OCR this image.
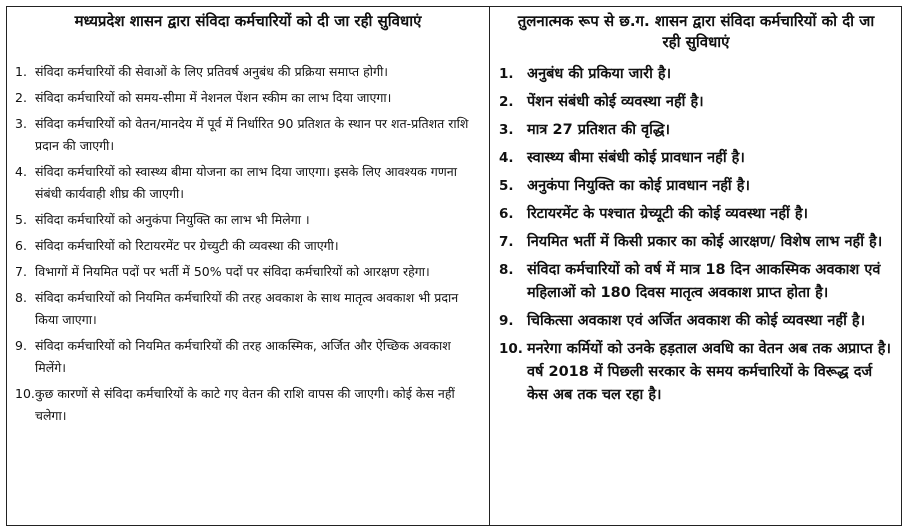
मध्यप्रदेश शासन द्वारा संविदा कर्मचारियों को दी जा रही सुविधाएं
1. संविदा कर्मचारियों की सेवाओं के लिए प्रतिवर्ष अनुबंध की प्रक्रिया समाप्त होगी।
2. संविदा कर्मचारियों को समय-सीमा में नेशनल पेंशन स्कीम का लाभ दिया जाएगा।
3. संविदा कर्मचारियों को वेतन/मानदेय में पूर्व में निर्धारित 90 प्रतिशत के स्थान पर शत-प्रतिशत राशि प्रदान की जाएगी।
4. संविदा कर्मचारियों को स्वास्थ्य बीमा योजना का लाभ दिया जाएगा। इसके लिए आवश्यक गणना संबंधी कार्यवाही शीघ्र की जाएगी।
5. संविदा कर्मचारियों को अनुकंपा नियुक्ति का लाभ भी मिलेगा ।
6. संविदा कर्मचारियों को रिटायरमेंट पर ग्रेच्युटी की व्यवस्था की जाएगी।
7. विभागों में नियमित पदों पर भर्ती में 50% पदों पर संविदा कर्मचारियों को आरक्षण रहेगा।
8. संविदा कर्मचारियों को नियमित कर्मचारियों की तरह अवकाश के साथ मातृत्व अवकाश भी प्रदान किया जाएगा।
9. संविदा कर्मचारियों को नियमित कर्मचारियों की तरह आकस्मिक, अर्जित और ऐच्छिक अवकाश मिलेंगे।
10. कुछ कारणों से संविदा कर्मचारियों के काटे गए वेतन की राशि वापस की जाएगी। कोई केस नहीं चलेगा।
तुलनात्मक रूप से छ.ग. शासन द्वारा संविदा कर्मचारियों को दी जा रही सुविधाएं
1. अनुबंध की प्रकिया जारी है।
2. पेंशन संबंधी कोई व्यवस्था नहीं है।
3. मात्र 27 प्रतिशत की वृद्धि।
4. स्वास्थ्य बीमा संबंधी कोई प्रावधान नहीं है।
5. अनुकंपा नियुक्ति का कोई प्रावधान नहीं है।
6. रिटायरमेंट के पश्चात ग्रेच्यूटी की कोई व्यवस्था नहीं है।
7. नियमित भर्ती में किसी प्रकार का कोई आरक्षण/ विशेष लाभ नहीं है।
8. संविदा कर्मचारियों को वर्ष में मात्र 18 दिन आकस्मिक अवकाश एवं महिलाओं को 180 दिवस मातृत्व अवकाश प्राप्त होता है।
9. चिकित्सा अवकाश एवं अर्जित अवकाश की कोई व्यवस्था नहीं है।
10. मनरेगा कर्मियों को उनके हड़ताल अवधि का वेतन अब तक अप्राप्त है। वर्ष 2018 में पिछली सरकार के समय कर्मचारियों के विरूद्ध दर्ज केस अब तक चल रहा है।
